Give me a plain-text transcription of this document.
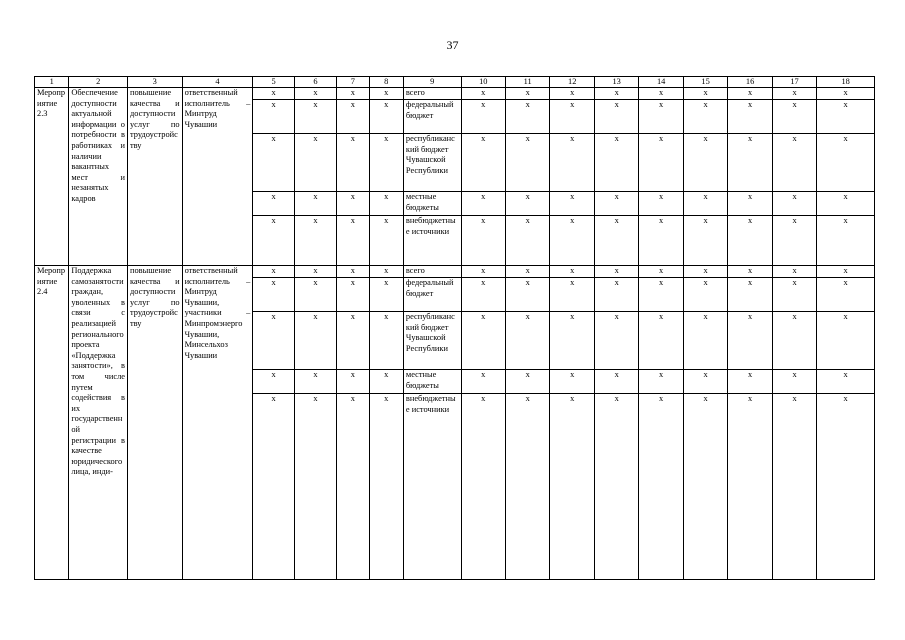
37
1	2	3	4	5	6	7	8	9	10	11	12	13	14	15	16	17	18
Мероприятие 2.3	Обеспечение доступности актуальной информации о потребности в работниках и наличии вакантных мест и незанятых кадров	повышение качества и доступности услуг по трудоустройству	ответственный исполнитель – Минтруд Чувашии	x	x	x	x	всего	x	x	x	x	x	x	x	x	x
				x	x	x	x	федеральный бюджет	x	x	x	x	x	x	x	x	x
				x	x	x	x	республиканский бюджет Чувашской Республики	x	x	x	x	x	x	x	x	x
				x	x	x	x	местные бюджеты	x	x	x	x	x	x	x	x	x
				x	x	x	x	внебюджетные источники	x	x	x	x	x	x	x	x	x
Мероприятие 2.4	Поддержка самозанятости граждан, уволенных в связи с реализацией регионального проекта «Поддержка занятости», в том числе путем содействия в их государственной регистрации в качестве юридического лица, инди-	повышение качества и доступности услуг по трудоустройству	ответственный исполнитель – Минтруд Чувашии, участники – Минпромэнерго Чувашии, Минсельхоз Чувашии	x	x	x	x	всего	x	x	x	x	x	x	x	x	x
				x	x	x	x	федеральный бюджет	x	x	x	x	x	x	x	x	x
				x	x	x	x	республиканский бюджет Чувашской Республики	x	x	x	x	x	x	x	x	x
				x	x	x	x	местные бюджеты	x	x	x	x	x	x	x	x	x
				x	x	x	x	внебюджетные источники	x	x	x	x	x	x	x	x	x
